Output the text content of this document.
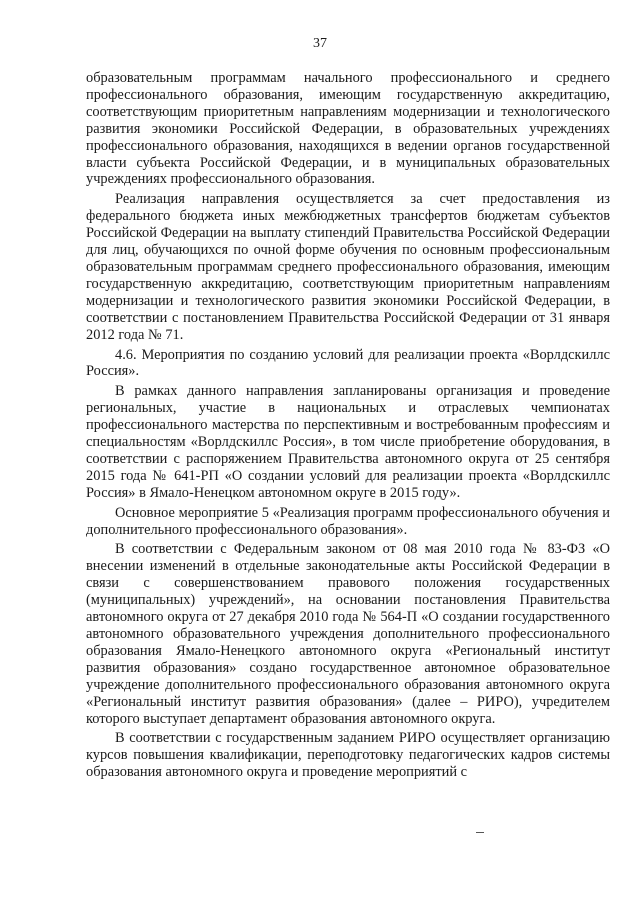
37

образовательным программам начального профессионального и среднего профессионального образования, имеющим государственную аккредитацию, соответствующим приоритетным направлениям модернизации и технологического развития экономики Российской Федерации, в образовательных учреждениях профессионального образования, находящихся в ведении органов государственной власти субъекта Российской Федерации, и в муниципальных образовательных учреждениях профессионального образования.

Реализация направления осуществляется за счет предоставления из федерального бюджета иных межбюджетных трансфертов бюджетам субъектов Российской Федерации на выплату стипендий Правительства Российской Федерации для лиц, обучающихся по очной форме обучения по основным профессиональным образовательным программам среднего профессионального образования, имеющим государственную аккредитацию, соответствующим приоритетным направлениям модернизации и технологического развития экономики Российской Федерации, в соответствии с постановлением Правительства Российской Федерации от 31 января 2012 года № 71.

4.6. Мероприятия по созданию условий для реализации проекта «Ворлдскиллс Россия».

В рамках данного направления запланированы организация и проведение региональных, участие в национальных и отраслевых чемпионатах профессионального мастерства по перспективным и востребованным профессиям и специальностям «Ворлдскиллс Россия», в том числе приобретение оборудования, в соответствии с распоряжением Правительства автономного округа от 25 сентября 2015 года № 641-РП «О создании условий для реализации проекта «Ворлдскиллс Россия» в Ямало-Ненецком автономном округе в 2015 году».

Основное мероприятие 5 «Реализация программ профессионального обучения и дополнительного профессионального образования».

В соответствии с Федеральным законом от 08 мая 2010 года № 83-ФЗ «О внесении изменений в отдельные законодательные акты Российской Федерации в связи с совершенствованием правового положения государственных (муниципальных) учреждений», на основании постановления Правительства автономного округа от 27 декабря 2010 года № 564-П «О создании государственного автономного образовательного учреждения дополнительного профессионального образования Ямало-Ненецкого автономного округа «Региональный институт развития образования» создано государственное автономное образовательное учреждение дополнительного профессионального образования автономного округа «Региональный институт развития образования» (далее – РИРО), учредителем которого выступает департамент образования автономного округа.

В соответствии с государственным заданием РИРО осуществляет организацию курсов повышения квалификации, переподготовку педагогических кадров системы образования автономного округа и проведение мероприятий с
